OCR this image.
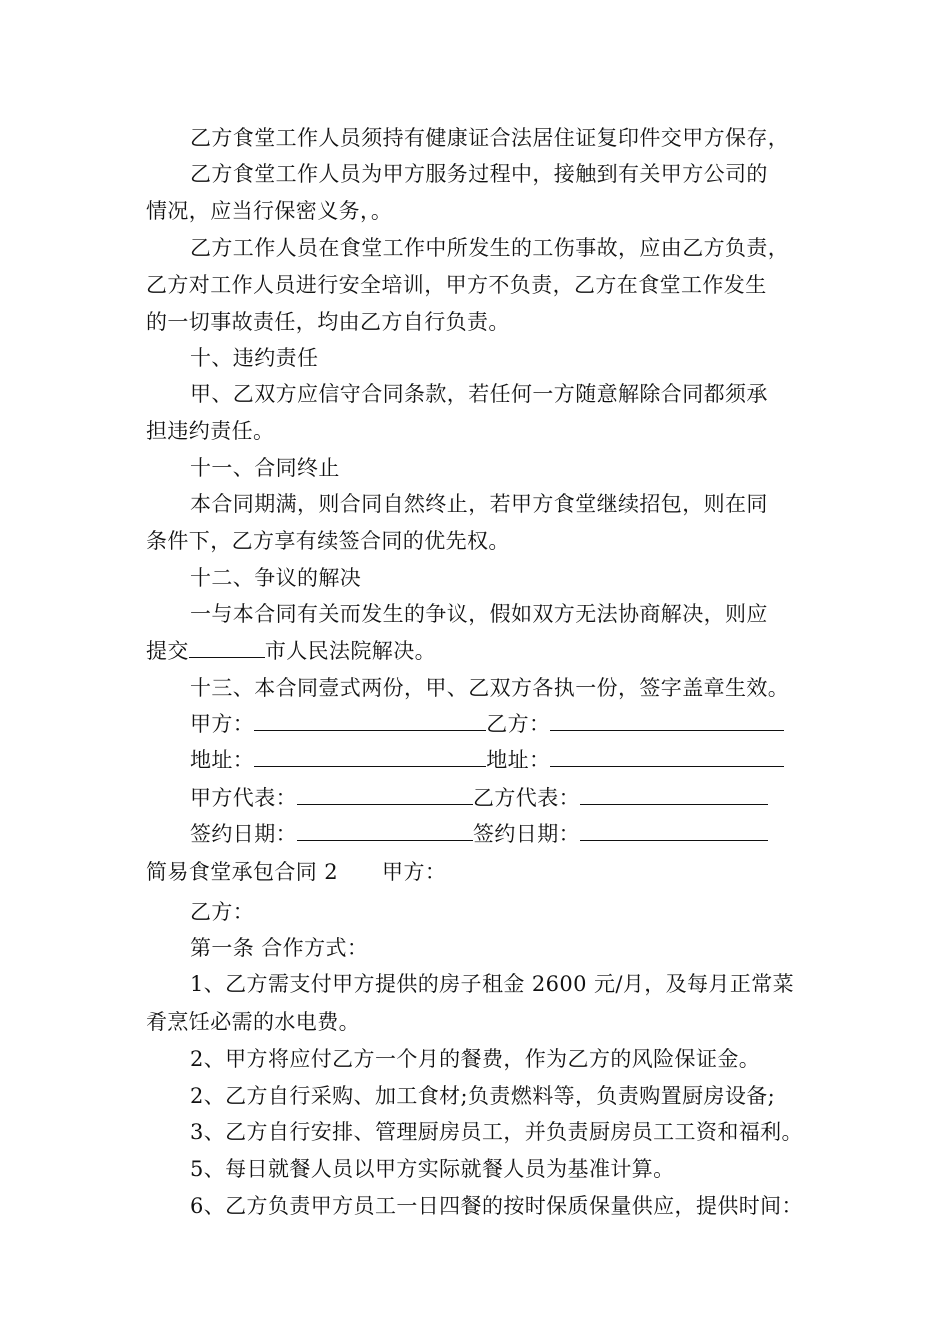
乙方食堂工作人员须持有健康证合法居住证复印件交甲方保存，
乙方食堂工作人员为甲方服务过程中，接触到有关甲方公司的
情况，应当行保密义务，。
乙方工作人员在食堂工作中所发生的工伤事故，应由乙方负责，
乙方对工作人员进行安全培训，甲方不负责，乙方在食堂工作发生
的一切事故责任，均由乙方自行负责。
十、违约责任
甲、乙双方应信守合同条款，若任何一方随意解除合同都须承
担违约责任。
十一、合同终止
本合同期满，则合同自然终止，若甲方食堂继续招包，则在同
条件下，乙方享有续签合同的优先权。
十二、争议的解决
一与本合同有关而发生的争议，假如双方无法协商解决，则应
提交	市人民法院解决。
十三、本合同壹式两份，甲、乙双方各执一份，签字盖章生效。
甲方：	乙方：
地址：	地址：
甲方代表：	乙方代表：
签约日期：	签约日期：
简易食堂承包合同 2 甲方：
乙方：
第一条 合作方式：
1、乙方需支付甲方提供的房子租金 2600 元/月，及每月正常菜
肴烹饪必需的水电费。
2、甲方将应付乙方一个月的餐费，作为乙方的风险保证金。
2、乙方自行采购、加工食材;负责燃料等，负责购置厨房设备;
3、乙方自行安排、管理厨房员工，并负责厨房员工工资和福利。
5、每日就餐人员以甲方实际就餐人员为基准计算。
6、乙方负责甲方员工一日四餐的按时保质保量供应，提供时间：
